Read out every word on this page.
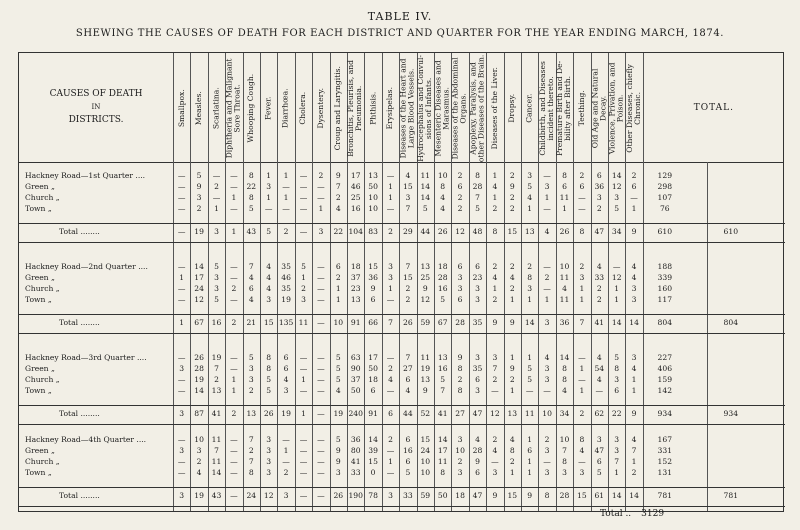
TABLE IV.
SHEWING THE CAUSES OF DEATH FOR EACH DISTRICT AND QUARTER FOR THE YEAR ENDING MARCH, 1874.
CAUSES OF DEATH
IN
DISTRICTS.
TOTAL.
Smallpox. Measles. Scarlatina. Diphtheria and Malignant Sore Throat. Whooping Cough. Fever. Diarrhœa. Cholera. Dysentery. Croup and Laryngitis. Bronchitis, Pleurisis, and Pneumonia. Phthisis. Erysipelas. Diseases of the Heart and Large Blood Vessels. Hydrocephalus and Convul- sions of Infants. Mesenteric Diseases and Marasmus. Diseases of the Abdominal Organs. Apoplexy, Paralysis, and other Diseases of the Brain. Diseases of the Liver. Dropsy. Cancer. Childbirth, and Diseases incident thereto. Premature Birth and De- bility after Birth. Teething. Old Age and Natural Decay. Violence, Privation, and Poison. Other Diseases, chiefly Chronic.
Hackney Road—1st Quarter ....	—	5	—	—	8	1	1	—	2	9	17	13	—	4	11	10	2	8	1	2	3	—	8	2	6	14	2	129
Green „	—	9	2	—	22	3	—	—	—	7	46	50	1	15	14	8	6	28	4	9	5	3	6	6	36	12	6	298
Church „	—	3	—	1	8	1	1	—	—	2	25	10	1	3	14	4	2	7	1	2	4	1	11	—	3	3	—	107
Town „	—	2	1	—	5	—	—	—	1	4	16	10	—	7	5	4	2	5	2	2	1	—	1	—	2	5	1	76
Total ........	—	19	3	1	43	5	2	—	3	22 104 83	2	29	44	26	12	48	8	15	13	4	26	8	47	34	9	610	610
Hackney Road—2nd Quarter ....	—	14	5	—	7	4	35	5	—	6	18	15	3	7	13	18	6	6	2	2	2	—	10	2	4	—	4	188
Green „	1	17	3	—	4	4	46	1	—	2	37	36	3	15	25	28	3	23	4	4	8	2	11	3	33	12	4	339
Church „	—	24	3	2	6	4	35	2	—	1	23	9	1	2	9	16	3	3	1	2	3	—	4	1	2	1	3	160
Town „	—	12	5	—	4	3	19	3	—	1	13	6	—	2	12	5	6	3	2	1	1	1	11	1	2	1	3	117
Total ........	1	67	16	2	21	15 135 11	—	10	91	66	7	26	59	67	28	35	9	9	14	3	36	7	41	14	14	804	804
Hackney Road—3rd Quarter ....	—	26	19	—	5	8	6	—	—	5	63	17	—	7	11	13	9	3	3	1	1	4	14	—	4	5	3	227
Green „	3	28	7	—	3	8	6	—	—	5	90	50	2	27	19	16	8	35	7	9	5	3	8	1	54	8	4	406
Church „	—	19	2	1	3	5	4	1	—	5	37	18	4	6	13	5	2	6	2	2	5	3	8	—	4	3	1	159
Town „	—	14	13	1	2	5	3	—	—	4	50	6	—	4	9	7	8	3	—	1	—	—	4	1	—	6	1	142
Total ........	3	87	41	2	13	26	19	1	—	19 240 91	6	44	52	41	27	47	12	13	11	10	34	2	62	22	9	934	934
Hackney Road—4th Quarter ....	—	10	11	—	7	3	—	—	—	5	36	14	2	6	15	14	3	4	2	4	1	2	10	8	3	3	4	167
Green „	3	3	7	—	2	3	1	—	—	9	80	39	—	16	24	17	10	28	4	8	6	3	7	4	47	3	7	331
Church „	—	2	11	—	7	3	—	—	—	9	41	15	1	6	10	11	2	9	—	2	1	—	8	—	6	7	1	152
Town „	—	4	14	—	8	3	2	—	—	3	33	0	—	5	10	8	3	6	3	1	1	3	3	3	5	1	2	131
Total ........	3	19	43	—	24	12	3	—	—	26 190 78	3	33	59	50	18	47	9	15	9	8	28	15	61	14	14	781	781
Total .. 3129
